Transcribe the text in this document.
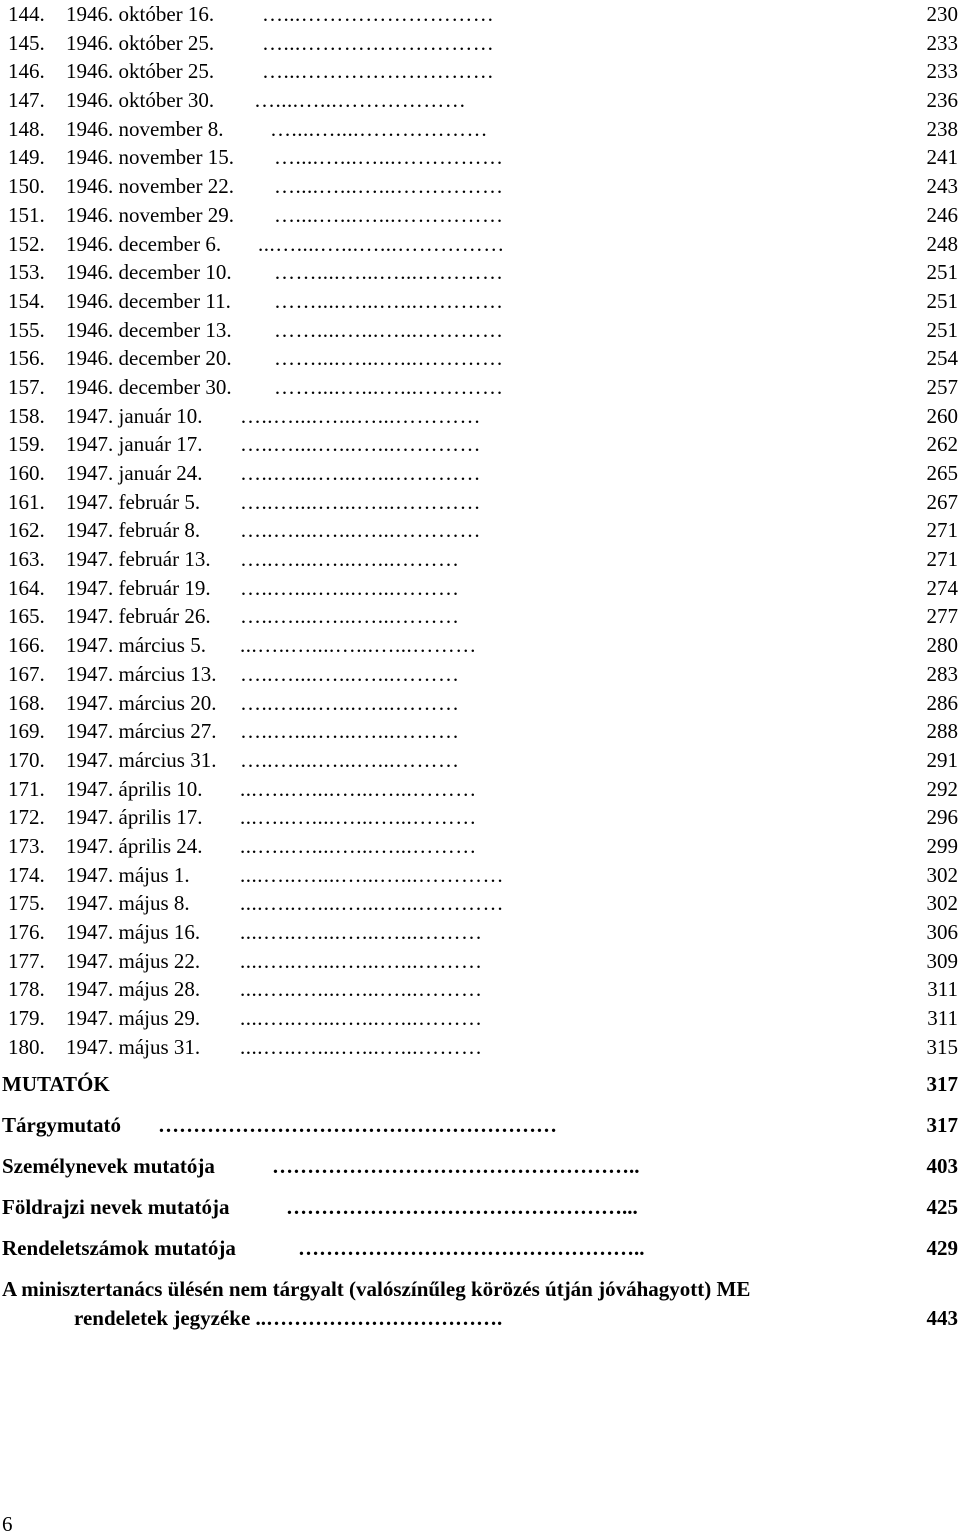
144. 1946. október 16. …...………………………	230
145. 1946. október 25. …...………………………	233
146. 1946. október 25. …...………………………	233
147. 1946. október 30. …....…...………………	236
148. 1946. november 8. …....…....………………	238
149. 1946. november 15. …....…...…...……………	241
150. 1946. november 22. …....…...…...……………	243
151. 1946. november 29. …....…...…...……………	246
152. 1946. december 6. ...…....…...…...……………	248
153. 1946. december 10. ……....…...…...…………	251
154. 1946. december 11. ……....…...…...…………	251
155. 1946. december 13. ……....…...…...…………	251
156. 1946. december 20. ……....…...…...…………	254
157. 1946. december 30. ……....…...…...…………	257
158. 1947. január 10. …..…....…...…...…………	260
159. 1947. január 17. …..…....…...…...…………	262
160. 1947. január 24. …..…....…...…...…………	265
161. 1947. február 5. …..…....…...…...…………	267
162. 1947. február 8. …..…....…...…...…………	271
163. 1947. február 13. …..…....…...…...………	271
164. 1947. február 19. …..…....…...…...………	274
165. 1947. február 26. …..…....…...…...………	277
166. 1947. március 5. ...…..…....…...…...………	280
167. 1947. március 13. …..…....…...…...………	283
168. 1947. március 20. …..…....…...…...………	286
169. 1947. március 27. …..…....…...…...………	288
170. 1947. március 31. …..…....…...…...………	291
171. 1947. április 10. ...…..…....…...…...………	292
172. 1947. április 17. ...…..…....…...…...………	296
173. 1947. április 24. ...…..…....…...…...………	299
174. 1947. május 1. ....…..…....…...…...…………	302
175. 1947. május 8. ....…..…....…...…...…………	302
176. 1947. május 16. ....…..…....…...…...………	306
177. 1947. május 22. ....…..…....…...…...………	309
178. 1947. május 28. ....…..…....…...…...………	311
179. 1947. május 29. ....…..…....…...…...………	311
180. 1947. május 31. ....…..…....…...…...………	315
MUTATÓK	317
Tárgymutató …………………………………………………	317
Személynevek mutatója	……………………………………………..	403
Földrajzi nevek mutatója	…………………………………………...	425
Rendeletszámok mutatója	…………………………………………..	429
A minisztertanács ülésén nem tárgyalt (valószínűleg körözés útján jóváhagyott) ME
rendeletek jegyzéke ..…………………………….	443
6
